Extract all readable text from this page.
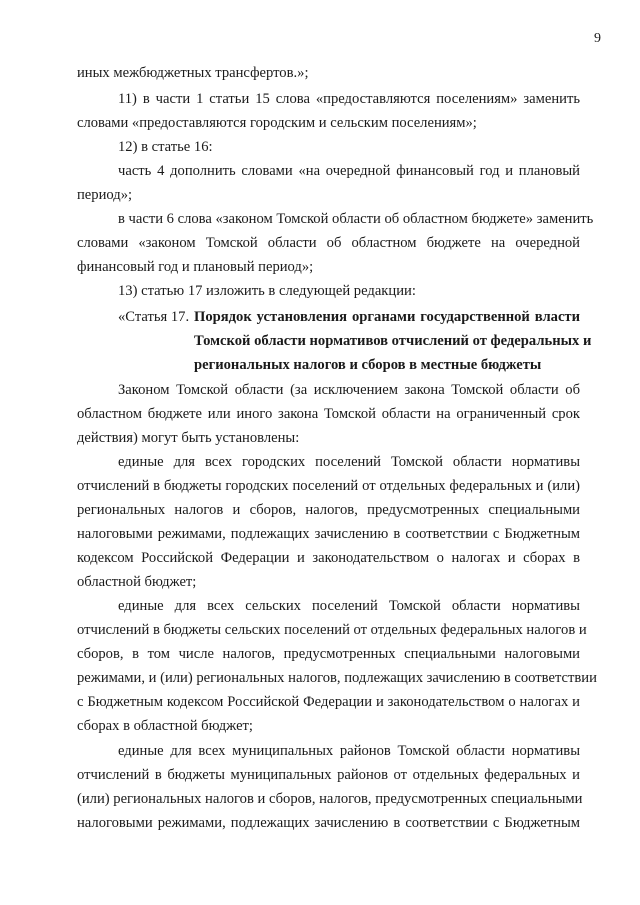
9
иных межбюджетных трансфертов.»;
11) в части 1 статьи 15 слова «предоставляются поселениям» заменить
словами «предоставляются городским и сельским поселениям»;
12) в статье 16:
часть 4 дополнить словами «на очередной финансовый год и плановый
период»;
в части 6 слова «законом Томской области об областном бюджете» заменить
словами «законом Томской области об областном бюджете на очередной
финансовый год и плановый период»;
13) статью 17 изложить в следующей редакции:
«Статья 17. Порядок установления органами государственной власти
Томской области нормативов отчислений от федеральных и
региональных налогов и сборов в местные бюджеты
Законом Томской области (за исключением закона Томской области об
областном бюджете или иного закона Томской области на ограниченный срок
действия) могут быть установлены:
единые для всех городских поселений Томской области нормативы
отчислений в бюджеты городских поселений от отдельных федеральных и (или)
региональных налогов и сборов, налогов, предусмотренных специальными
налоговыми режимами, подлежащих зачислению в соответствии с Бюджетным
кодексом Российской Федерации и законодательством о налогах и сборах в
областной бюджет;
единые для всех сельских поселений Томской области нормативы
отчислений в бюджеты сельских поселений от отдельных федеральных налогов и
сборов, в том числе налогов, предусмотренных специальными налоговыми
режимами, и (или) региональных налогов, подлежащих зачислению в соответствии
с Бюджетным кодексом Российской Федерации и законодательством о налогах и
сборах в областной бюджет;
единые для всех муниципальных районов Томской области нормативы
отчислений в бюджеты муниципальных районов от отдельных федеральных и
(или) региональных налогов и сборов, налогов, предусмотренных специальными
налоговыми режимами, подлежащих зачислению в соответствии с Бюджетным
